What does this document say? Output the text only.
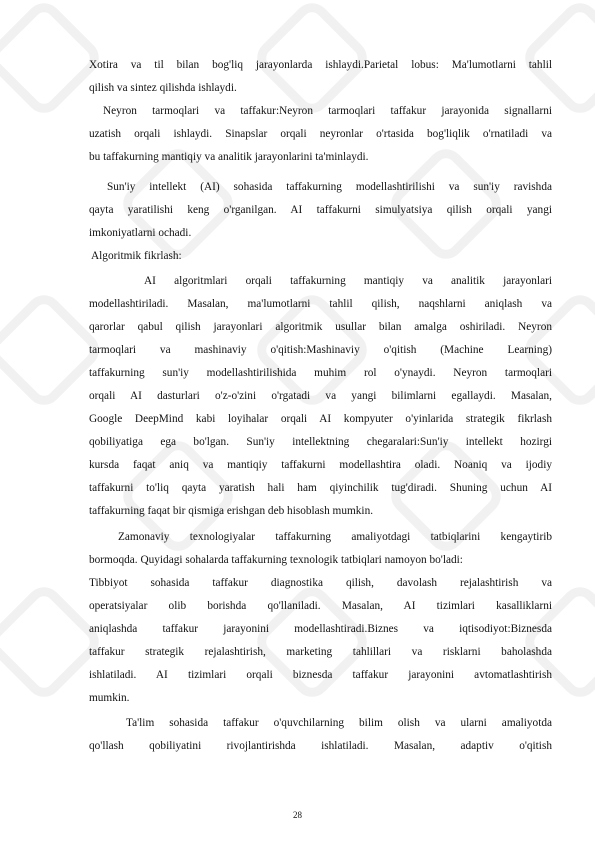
Xotira va til bilan bog'liq jarayonlarda ishlaydi.Parietal lobus: Ma'lumotlarni tahlil
qilish va sintez qilishda ishlaydi.
Neyron tarmoqlari va taffakur:Neyron tarmoqlari taffakur jarayonida signallarni
uzatish orqali ishlaydi. Sinapslar orqali neyronlar o'rtasida bog'liqlik o'rnatiladi va
bu taffakurning mantiqiy va analitik jarayonlarini ta'minlaydi.
Sun'iy intellekt (AI) sohasida taffakurning modellashtirilishi va sun'iy ravishda
qayta yaratilishi keng o'rganilgan. AI taffakurni simulyatsiya qilish orqali yangi
imkoniyatlarni ochadi.
Algoritmik fikrlash:
AI algoritmlari orqali taffakurning mantiqiy va analitik jarayonlari
modellashtiriladi. Masalan, ma'lumotlarni tahlil qilish, naqshlarni aniqlash va
qarorlar qabul qilish jarayonlari algoritmik usullar bilan amalga oshiriladi. Neyron
tarmoqlari va mashinaviy o'qitish:Mashinaviy o'qitish (Machine Learning)
taffakurning sun'iy modellashtirilishida muhim rol o'ynaydi. Neyron tarmoqlari
orqali AI dasturlari o'z-o'zini o'rgatadi va yangi bilimlarni egallaydi. Masalan,
Google DeepMind kabi loyihalar orqali AI kompyuter o'yinlarida strategik fikrlash
qobiliyatiga ega bo'lgan. Sun'iy intellektning chegaralari:Sun'iy intellekt hozirgi
kursda faqat aniq va mantiqiy taffakurni modellashtira oladi. Noaniq va ijodiy
taffakurni to'liq qayta yaratish hali ham qiyinchilik tug'diradi. Shuning uchun AI
taffakurning faqat bir qismiga erishgan deb hisoblash mumkin.
Zamonaviy texnologiyalar taffakurning amaliyotdagi tatbiqlarini kengaytirib
bormoqda. Quyidagi sohalarda taffakurning texnologik tatbiqlari namoyon bo'ladi:
Tibbiyot sohasida taffakur diagnostika qilish, davolash rejalashtirish va
operatsiyalar olib borishda qo'llaniladi. Masalan, AI tizimlari kasalliklarni
aniqlashda taffakur jarayonini modellashtiradi.Biznes va iqtisodiyot:Biznesda
taffakur strategik rejalashtirish, marketing tahlillari va risklarni baholashda
ishlatiladi. AI tizimlari orqali biznesda taffakur jarayonini avtomatlashtirish
mumkin.
Ta'lim sohasida taffakur o'quvchilarning bilim olish va ularni amaliyotda
qo'llash qobiliyatini rivojlantirishda ishlatiladi. Masalan, adaptiv o'qitish
28
